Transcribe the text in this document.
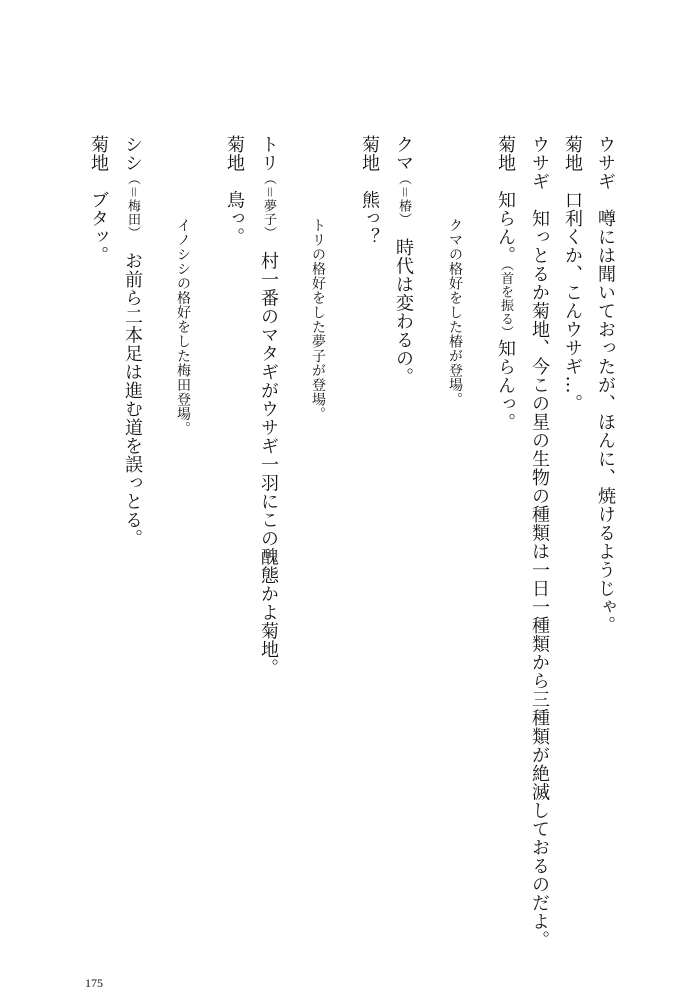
ウサギ　噂には聞いておったが、ほんに、焼けるようじゃ。
菊地　口利くか、こんウサギ…。
ウサギ　知っとるか菊地、今この星の生物の種類は一日一種類から三種類が絶滅しておるのだよ。
菊地　知らん。（首を振る）知らんっ。
クマの格好をした椿が登場。
クマ（＝椿）　時代は変わるの。
菊地　熊っ？
トリの格好をした夢子が登場。
トリ（＝夢子）　村一番のマタギがウサギ一羽にこの醜態かよ菊地。
菊地　鳥っ。
イノシシの格好をした梅田登場。
シシ（＝梅田）　お前ら二本足は進む道を誤っとる。
菊地　ブタッ。
175
